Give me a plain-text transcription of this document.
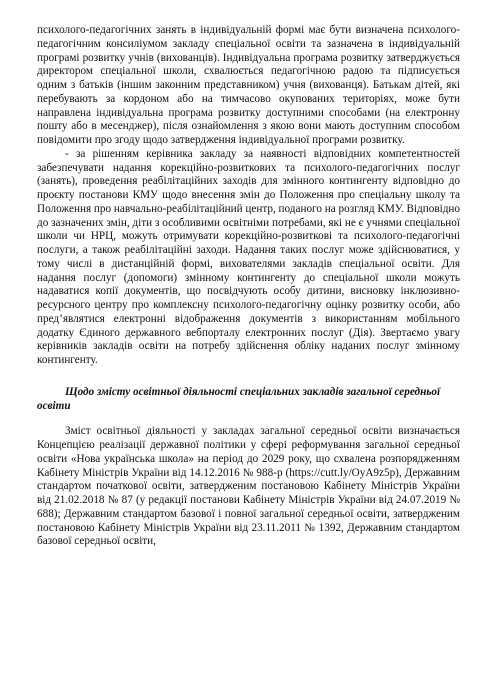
психолого-педагогічних занять в індивідуальній формі має бути визначена психолого-педагогічним консиліумом закладу спеціальної освіти та зазначена в індивідуальній програмі розвитку учнів (вихованців). Індивідуальна програма розвитку затверджується директором спеціальної школи, схвалюється педагогічною радою та підписується одним з батьків (іншим законним представником) учня (вихованця). Батькам дітей, які перебувають за кордоном або на тимчасово окупованих територіях, може бути направлена індивідуальна програма розвитку доступними способами (на електронну пошту або в месенджер), після ознайомлення з якою вони мають доступним способом повідомити про згоду щодо затвердження індивідуальної програми розвитку.

- за рішенням керівника закладу за наявності відповідних компетентностей забезпечувати надання корекційно-розвиткових та психолого-педагогічних послуг (занять), проведення реабілітаційних заходів для змінного контингенту відповідно до проєкту постанови КМУ щодо внесення змін до Положення про спеціальну школу та Положення про навчально-реабілітаційний центр, поданого на розгляд КМУ. Відповідно до зазначених змін, діти з особливими освітніми потребами, які не є учнями спеціальної школи чи НРЦ, можуть отримувати корекційно-розвиткові та психолого-педагогічні послуги, а також реабілітаційні заходи. Надання таких послуг може здійснюватися, у тому числі в дистанційній формі, вихователями закладів спеціальної освіти. Для надання послуг (допомоги) змінному контингенту до спеціальної школи можуть надаватися копії документів, що посвідчують особу дитини, висновку інклюзивно-ресурсного центру про комплексну психолого-педагогічну оцінку розвитку особи, або пред’являтися електронні відображення документів з використанням мобільного додатку Єдиного державного вебпорталу електронних послуг (Дія). Звертаємо увагу керівників закладів освіти на потребу здійснення обліку наданих послуг змінному контингенту.

Щодо змісту освітньої діяльності спеціальних закладів загальної середньої освіти

Зміст освітньої діяльності у закладах загальної середньої освіти визначається Концепцією реалізації державної політики у сфері реформування загальної середньої освіти «Нова українська школа» на період до 2029 року, що схвалена розпорядженням Кабінету Міністрів України від 14.12.2016 № 988-р (https://cutt.ly/OyA9z5p), Державним стандартом початкової освіти, затвердженим постановою Кабінету Міністрів України від 21.02.2018 № 87 (у редакції постанови Кабінету Міністрів України від 24.07.2019 № 688); Державним стандартом базової і повної загальної середньої освіти, затвердженим постановою Кабінету Міністрів України від 23.11.2011 № 1392, Державним стандартом базової середньої освіти,
